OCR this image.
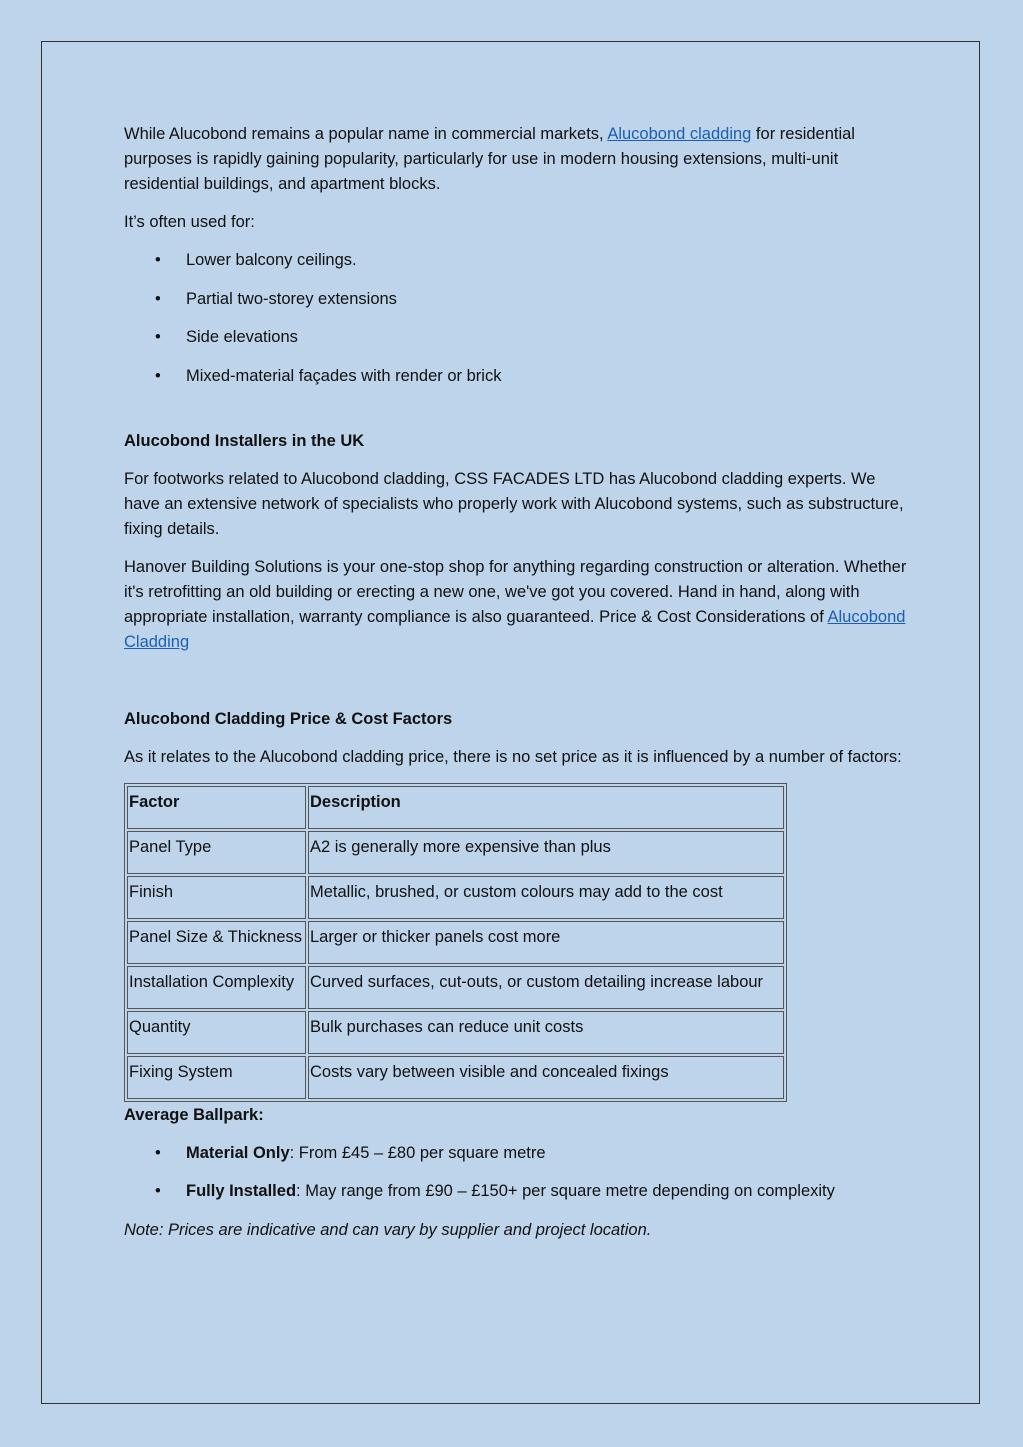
While Alucobond remains a popular name in commercial markets, Alucobond cladding for residential purposes is rapidly gaining popularity, particularly for use in modern housing extensions, multi-unit residential buildings, and apartment blocks.

It’s often used for:

• Lower balcony ceilings.
• Partial two-storey extensions
• Side elevations
• Mixed-material façades with render or brick
Alucobond Installers in the UK

For footworks related to Alucobond cladding, CSS FACADES LTD has Alucobond cladding experts. We have an extensive network of specialists who properly work with Alucobond systems, such as substructure, fixing details.

Hanover Building Solutions is your one-stop shop for anything regarding construction or alteration. Whether it's retrofitting an old building or erecting a new one, we've got you covered. Hand in hand, along with appropriate installation, warranty compliance is also guaranteed. Price & Cost Considerations of Alucobond Cladding

Alucobond Cladding Price & Cost Factors

As it relates to the Alucobond cladding price, there is no set price as it is influenced by a number of factors:

Factor	Description
Panel Type	A2 is generally more expensive than plus
Finish	Metallic, brushed, or custom colours may add to the cost
Panel Size & Thickness	Larger or thicker panels cost more
Installation Complexity	Curved surfaces, cut-outs, or custom detailing increase labour
Quantity	Bulk purchases can reduce unit costs
Fixing System	Costs vary between visible and concealed fixings
Average Ballpark:
• Material Only: From £45 – £80 per square metre
• Fully Installed: May range from £90 – £150+ per square metre depending on complexity

Note: Prices are indicative and can vary by supplier and project location.
